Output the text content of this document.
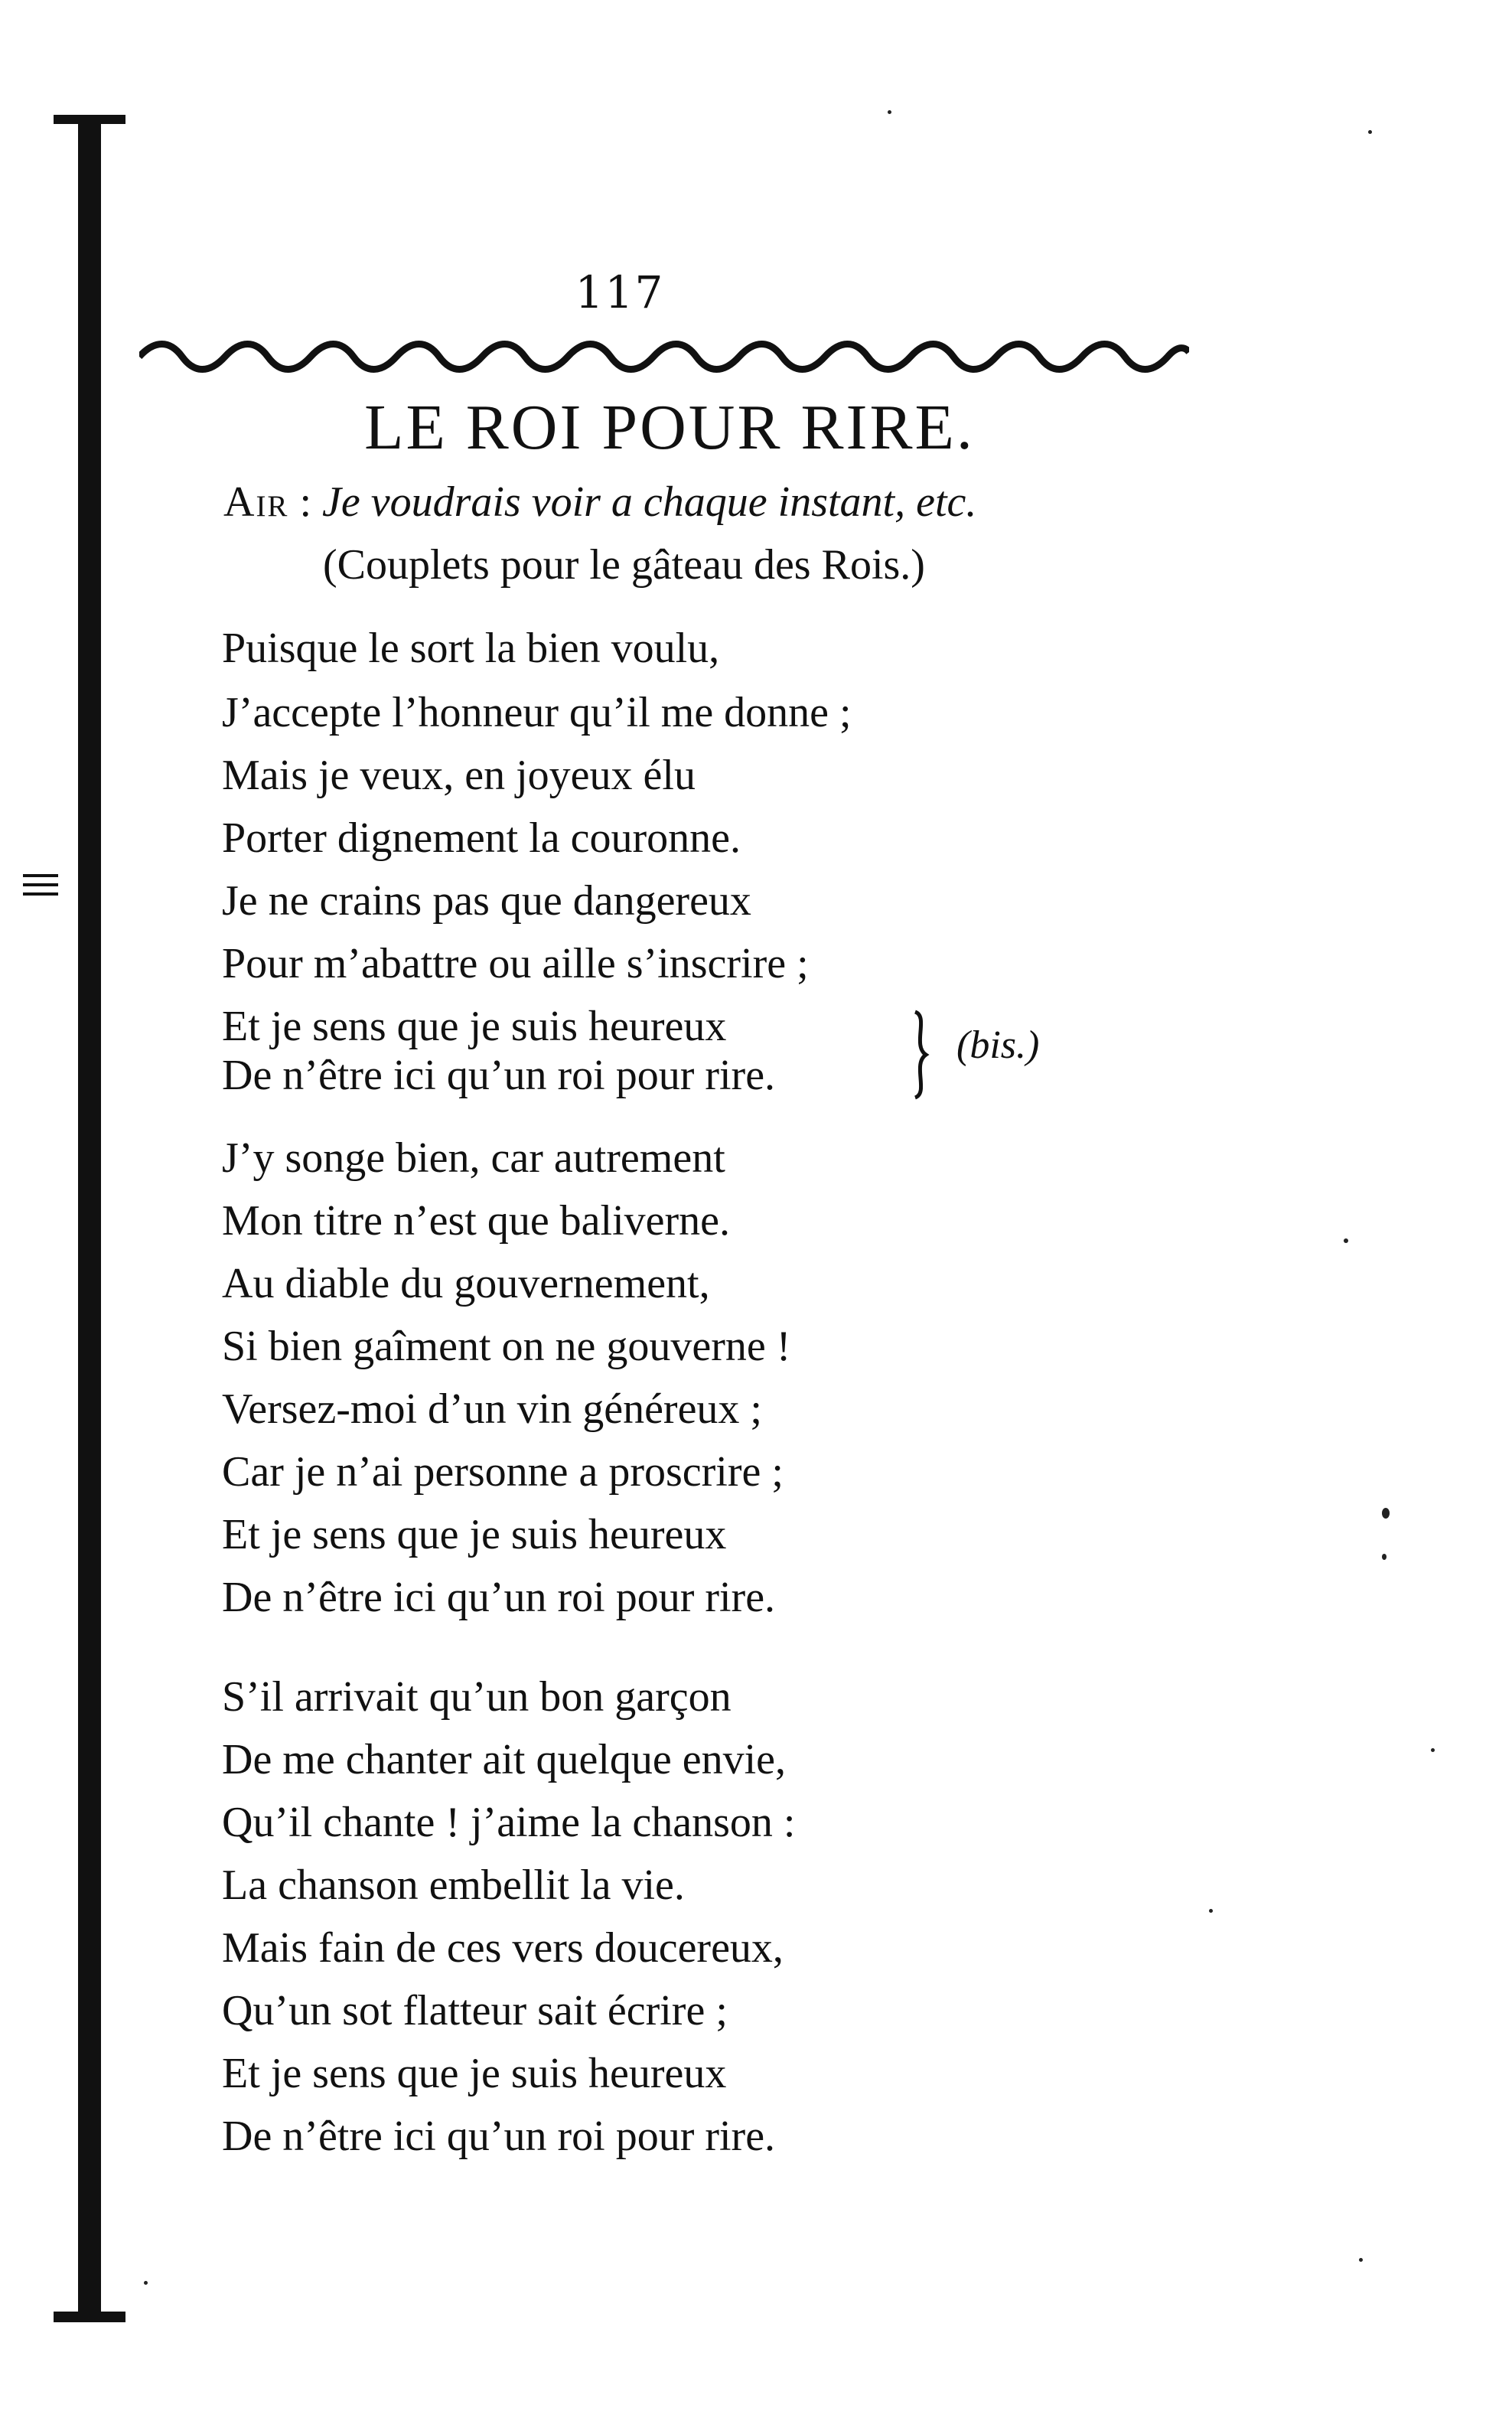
117
LE ROI POUR RIRE.
Air : Je voudrais voir a chaque instant, etc.
(Couplets pour le gâteau des Rois.)
Puisque le sort la bien voulu,
J’accepte l’honneur qu’il me donne ;
Mais je veux, en joyeux élu
Porter dignement la couronne.
Je ne crains pas que dangereux
Pour m’abattre ou aille s’inscrire ;
Et je sens que je suis heureux
De n’être ici qu’un roi pour rire.
(bis.)
J’y songe bien, car autrement
Mon titre n’est que baliverne.
Au diable du gouvernement,
Si bien gaîment on ne gouverne !
Versez-moi d’un vin généreux ;
Car je n’ai personne a proscrire ;
Et je sens que je suis heureux
De n’être ici qu’un roi pour rire.
S’il arrivait qu’un bon garçon
De me chanter ait quelque envie,
Qu’il chante ! j’aime la chanson :
La chanson embellit la vie.
Mais fain de ces vers doucereux,
Qu’un sot flatteur sait écrire ;
Et je sens que je suis heureux
De n’être ici qu’un roi pour rire.
